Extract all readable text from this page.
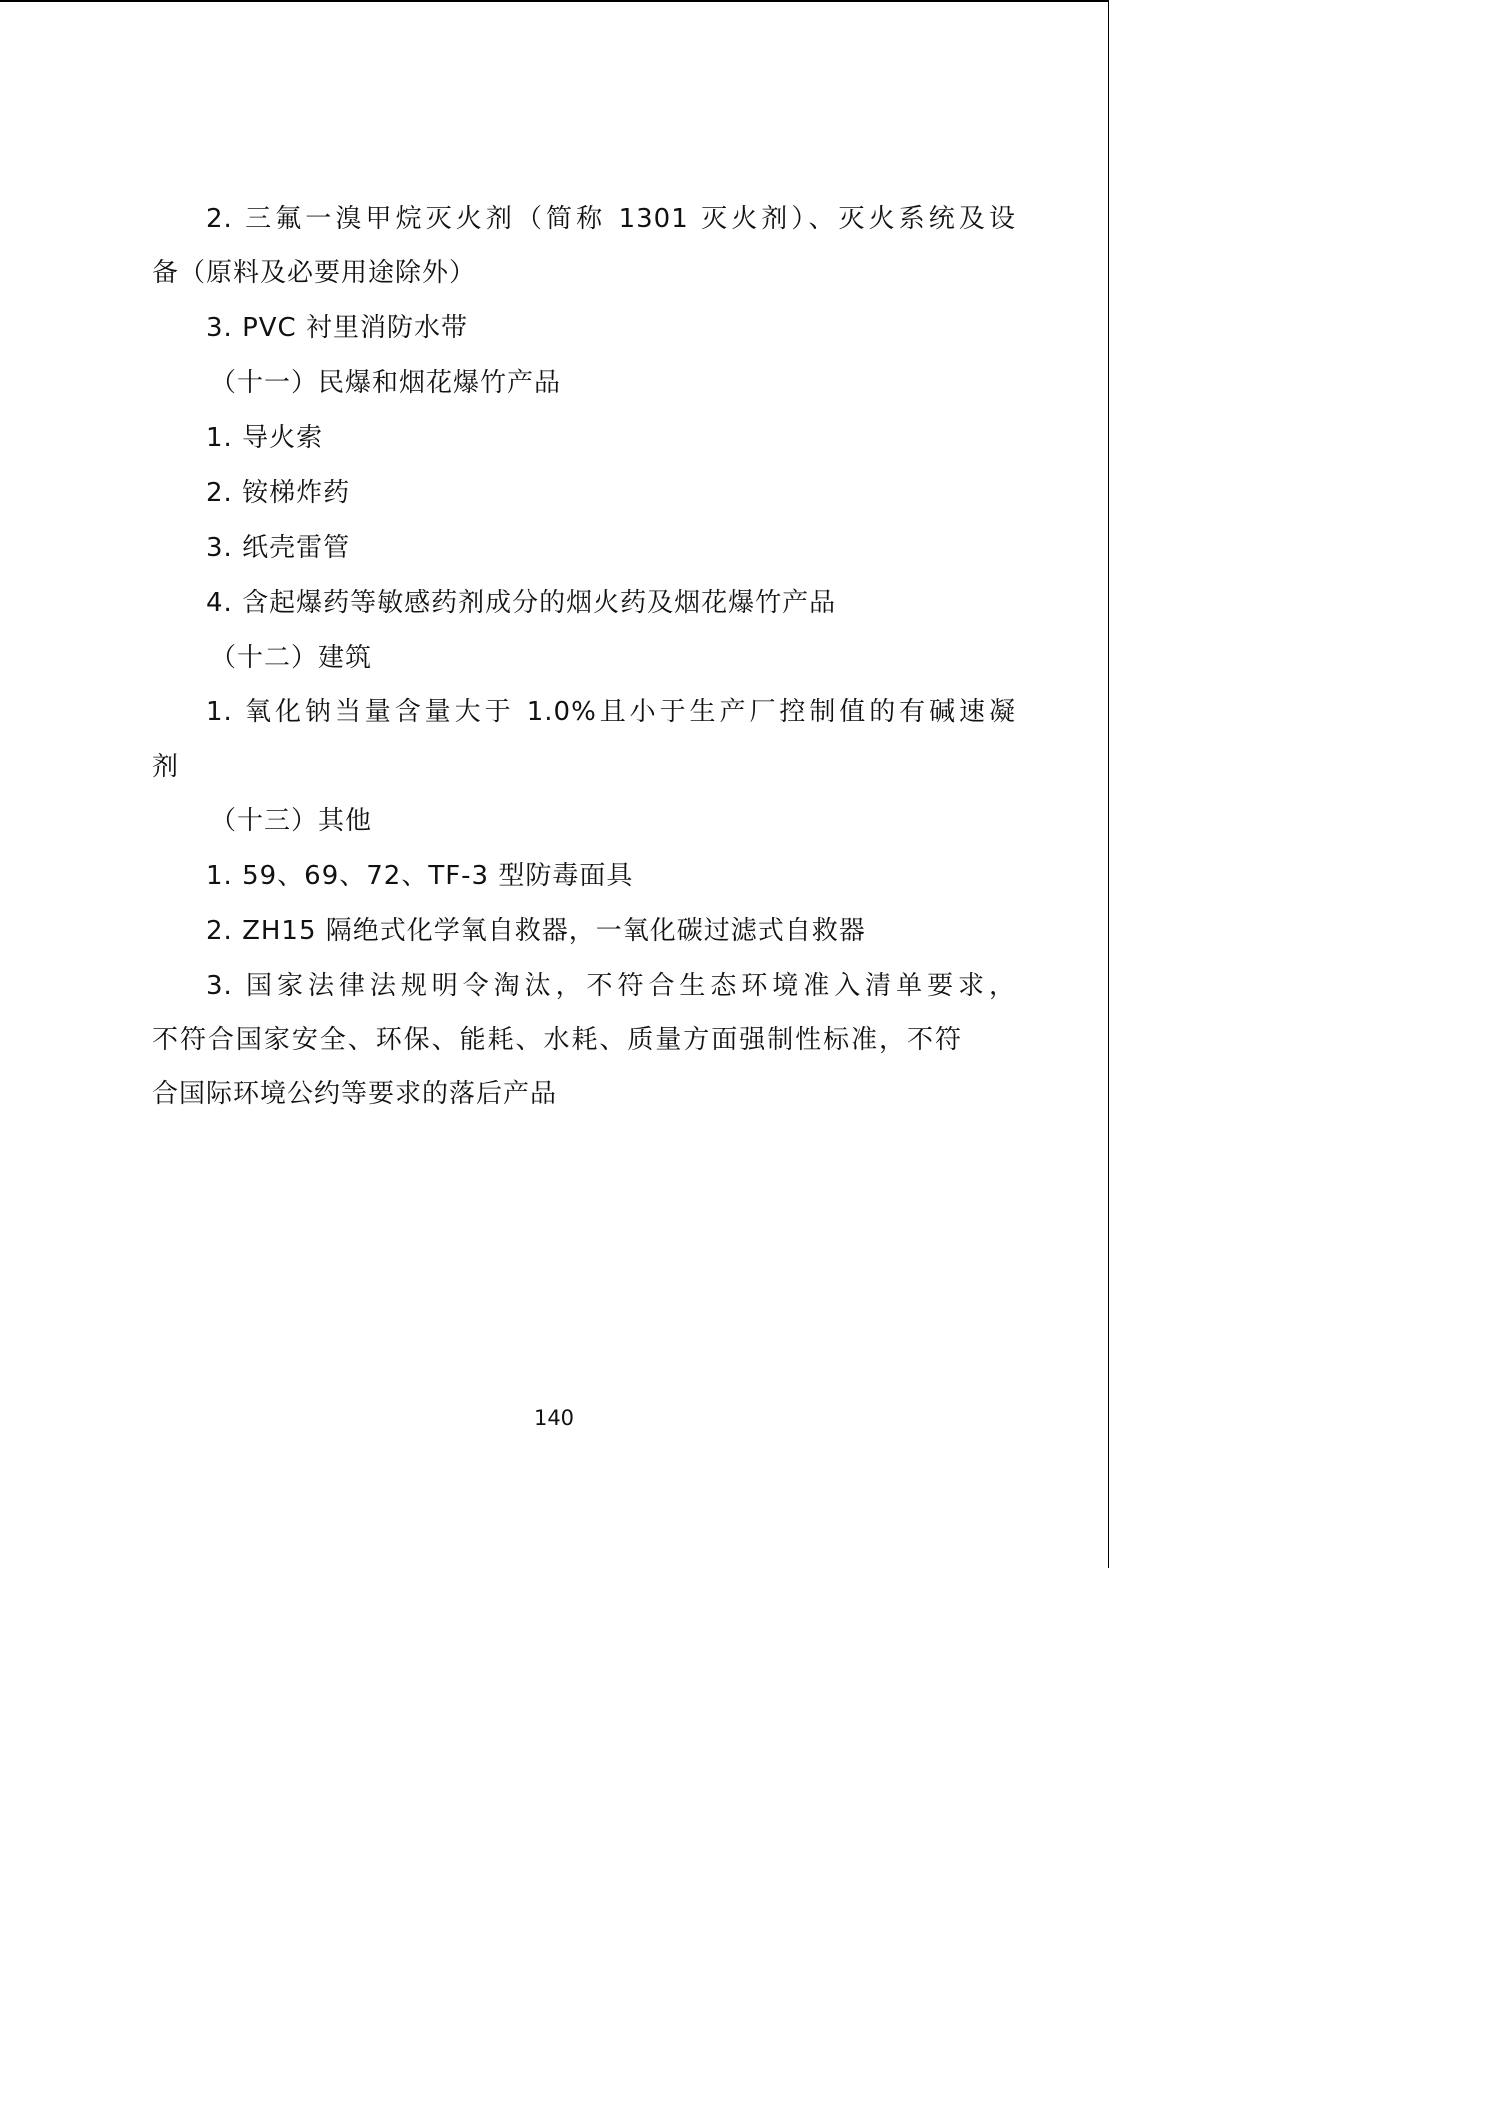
2. 三氟一溴甲烷灭火剂（简称 1301 灭火剂）、灭火系统及设
备（原料及必要用途除外）
3. PVC 衬里消防水带
（十一）民爆和烟花爆竹产品
1. 导火索
2. 铵梯炸药
3. 纸壳雷管
4. 含起爆药等敏感药剂成分的烟火药及烟花爆竹产品
（十二）建筑
1. 氧化钠当量含量大于 1.0%且小于生产厂控制值的有碱速凝
剂
（十三）其他
1. 59、69、72、TF-3 型防毒面具
2. ZH15 隔绝式化学氧自救器，一氧化碳过滤式自救器
3. 国家法律法规明令淘汰，不符合生态环境准入清单要求，
不符合国家安全、环保、能耗、水耗、质量方面强制性标准，不符
合国际环境公约等要求的落后产品
140
